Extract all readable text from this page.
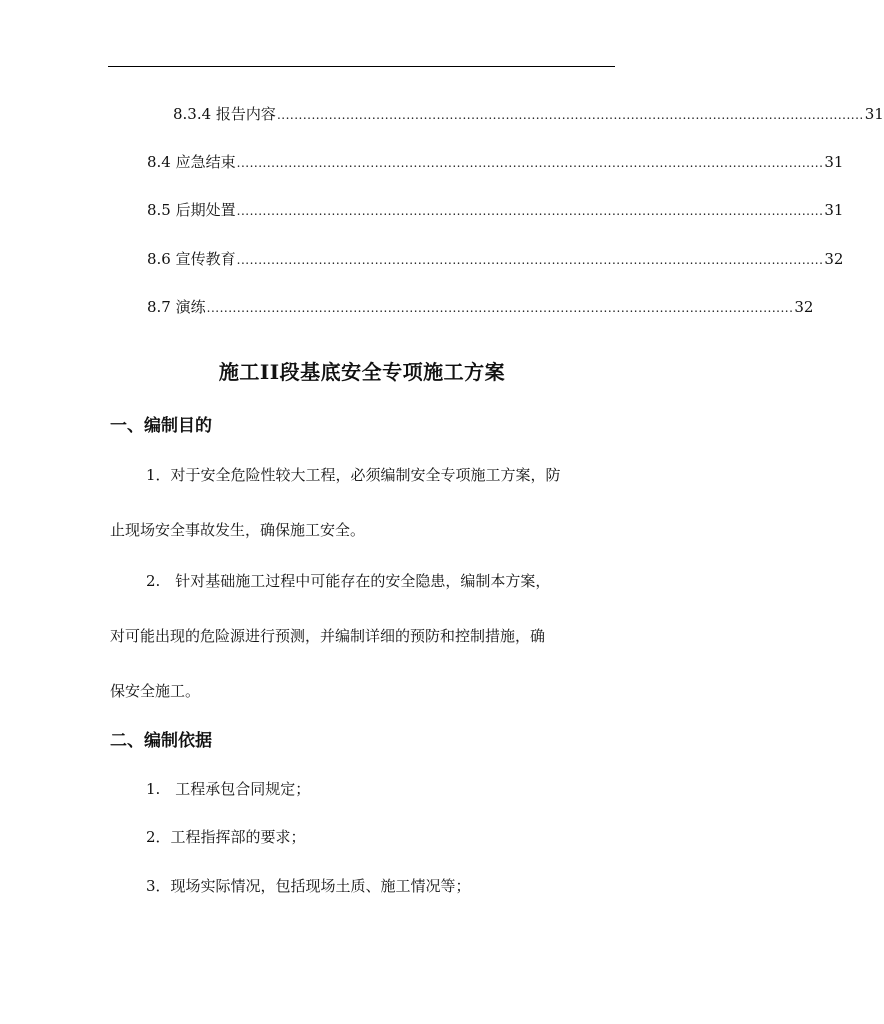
8.3.4 报告内容 ........................................................................................................................................ 31
8.4 应急结束 ........................................................................................................................................ 31
8.5 后期处置 ........................................................................................................................................ 31
8.6 宣传教育 ........................................................................................................................................ 32
8.7 演练 ........................................................................................................................................ 32
施工II段基底安全专项施工方案
一、编制目的
1．对于安全危险性较大工程，必须编制安全专项施工方案，防
止现场安全事故发生，确保施工安全。
2.　针对基础施工过程中可能存在的安全隐患，编制本方案，
对可能出现的危险源进行预测，并编制详细的预防和控制措施，确
保安全施工。
二、编制依据
1.　工程承包合同规定；
2．工程指挥部的要求；
3．现场实际情况，包括现场土质、施工情况等；
